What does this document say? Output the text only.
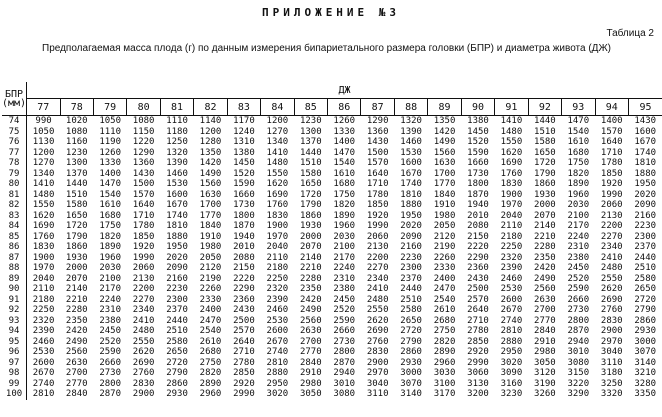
ПРИЛОЖЕНИЕ №3
Таблица 2
Предполагаемая масса плода (г) по данным измерения бипариетального размера головки (БПР) и диаметра живота (ДЖ)
БПР
(мм)	ДЖ																		
	77	78	79	80	81	82	83	84	85	86	87	88	89	90	91	92	93	94	95
74	990	1020	1050	1080	1110	1140	1170	1200	1230	1260	1290	1320	1350	1380	1410	1440	1470	1400	1430
75	1050	1080	1110	1150	1180	1200	1240	1270	1300	1330	1360	1390	1420	1450	1480	1510	1540	1570	1600
76	1130	1160	1190	1220	1250	1280	1310	1340	1370	1400	1430	1460	1490	1520	1550	1580	1610	1640	1670
77	1200	1230	1260	1290	1320	1350	1380	1410	1440	1470	1500	1530	1560	1590	1620	1650	1680	1710	1740
78	1270	1300	1330	1360	1390	1420	1450	1480	1510	1540	1570	1600	1630	1660	1690	1720	1750	1780	1810
79	1340	1370	1400	1430	1460	1490	1520	1550	1580	1610	1640	1670	1700	1730	1760	1790	1820	1850	1880
80	1410	1440	1470	1500	1530	1560	1590	1620	1650	1680	1710	1740	1770	1800	1830	1860	1890	1920	1950
81	1480	1510	1540	1570	1600	1630	1660	1690	1720	1750	1780	1810	1840	1870	1900	1930	1960	1990	2020
82	1550	1580	1610	1640	1670	1700	1730	1760	1790	1820	1850	1880	1910	1940	1970	2000	2030	2060	2090
83	1620	1650	1680	1710	1740	1770	1800	1830	1860	1890	1920	1950	1980	2010	2040	2070	2100	2130	2160
84	1690	1720	1750	1780	1810	1840	1870	1900	1930	1960	1990	2020	2050	2080	2110	2140	2170	2200	2230
85	1760	1790	1820	1850	1880	1910	1940	1970	2000	2030	2060	2090	2120	2150	2180	2210	2240	2270	2300
86	1830	1860	1890	1920	1950	1980	2010	2040	2070	2100	2130	2160	2190	2220	2250	2280	2310	2340	2370
87	1900	1930	1960	1990	2020	2050	2080	2110	2140	2170	2200	2230	2260	2290	2320	2350	2380	2410	2440
88	1970	2000	2030	2060	2090	2120	2150	2180	2210	2240	2270	2300	2330	2360	2390	2420	2450	2480	2510
89	2040	2070	2100	2130	2160	2190	2220	2250	2280	2310	2340	2370	2400	2430	2460	2490	2520	2550	2580
90	2110	2140	2170	2200	2230	2260	2290	2320	2350	2380	2410	2440	2470	2500	2530	2560	2590	2620	2650
91	2180	2210	2240	2270	2300	2330	2360	2390	2420	2450	2480	2510	2540	2570	2600	2630	2660	2690	2720
92	2250	2280	2310	2340	2370	2400	2430	2460	2490	2520	2550	2580	2610	2640	2670	2700	2730	2760	2790
93	2320	2350	2380	2410	2440	2470	2500	2530	2560	2590	2620	2650	2680	2710	2740	2770	2800	2830	2860
94	2390	2420	2450	2480	2510	2540	2570	2600	2630	2660	2690	2720	2750	2780	2810	2840	2870	2900	2930
95	2460	2490	2520	2550	2580	2610	2640	2670	2700	2730	2760	2790	2820	2850	2880	2910	2940	2970	3000
96	2530	2560	2590	2620	2650	2680	2710	2740	2770	2800	2830	2860	2890	2920	2950	2980	3010	3040	3070
97	2600	2630	2660	2690	2720	2750	2780	2810	2840	2870	2900	2930	2960	2990	3020	3050	3080	3110	3140
98	2670	2700	2730	2760	2790	2820	2850	2880	2910	2940	2970	3000	3030	3060	3090	3120	3150	3180	3210
99	2740	2770	2800	2830	2860	2890	2920	2950	2980	3010	3040	3070	3100	3130	3160	3190	3220	3250	3280
100	2810	2840	2870	2900	2930	2960	2990	3020	3050	3080	3110	3140	3170	3200	3230	3260	3290	3320	3350
